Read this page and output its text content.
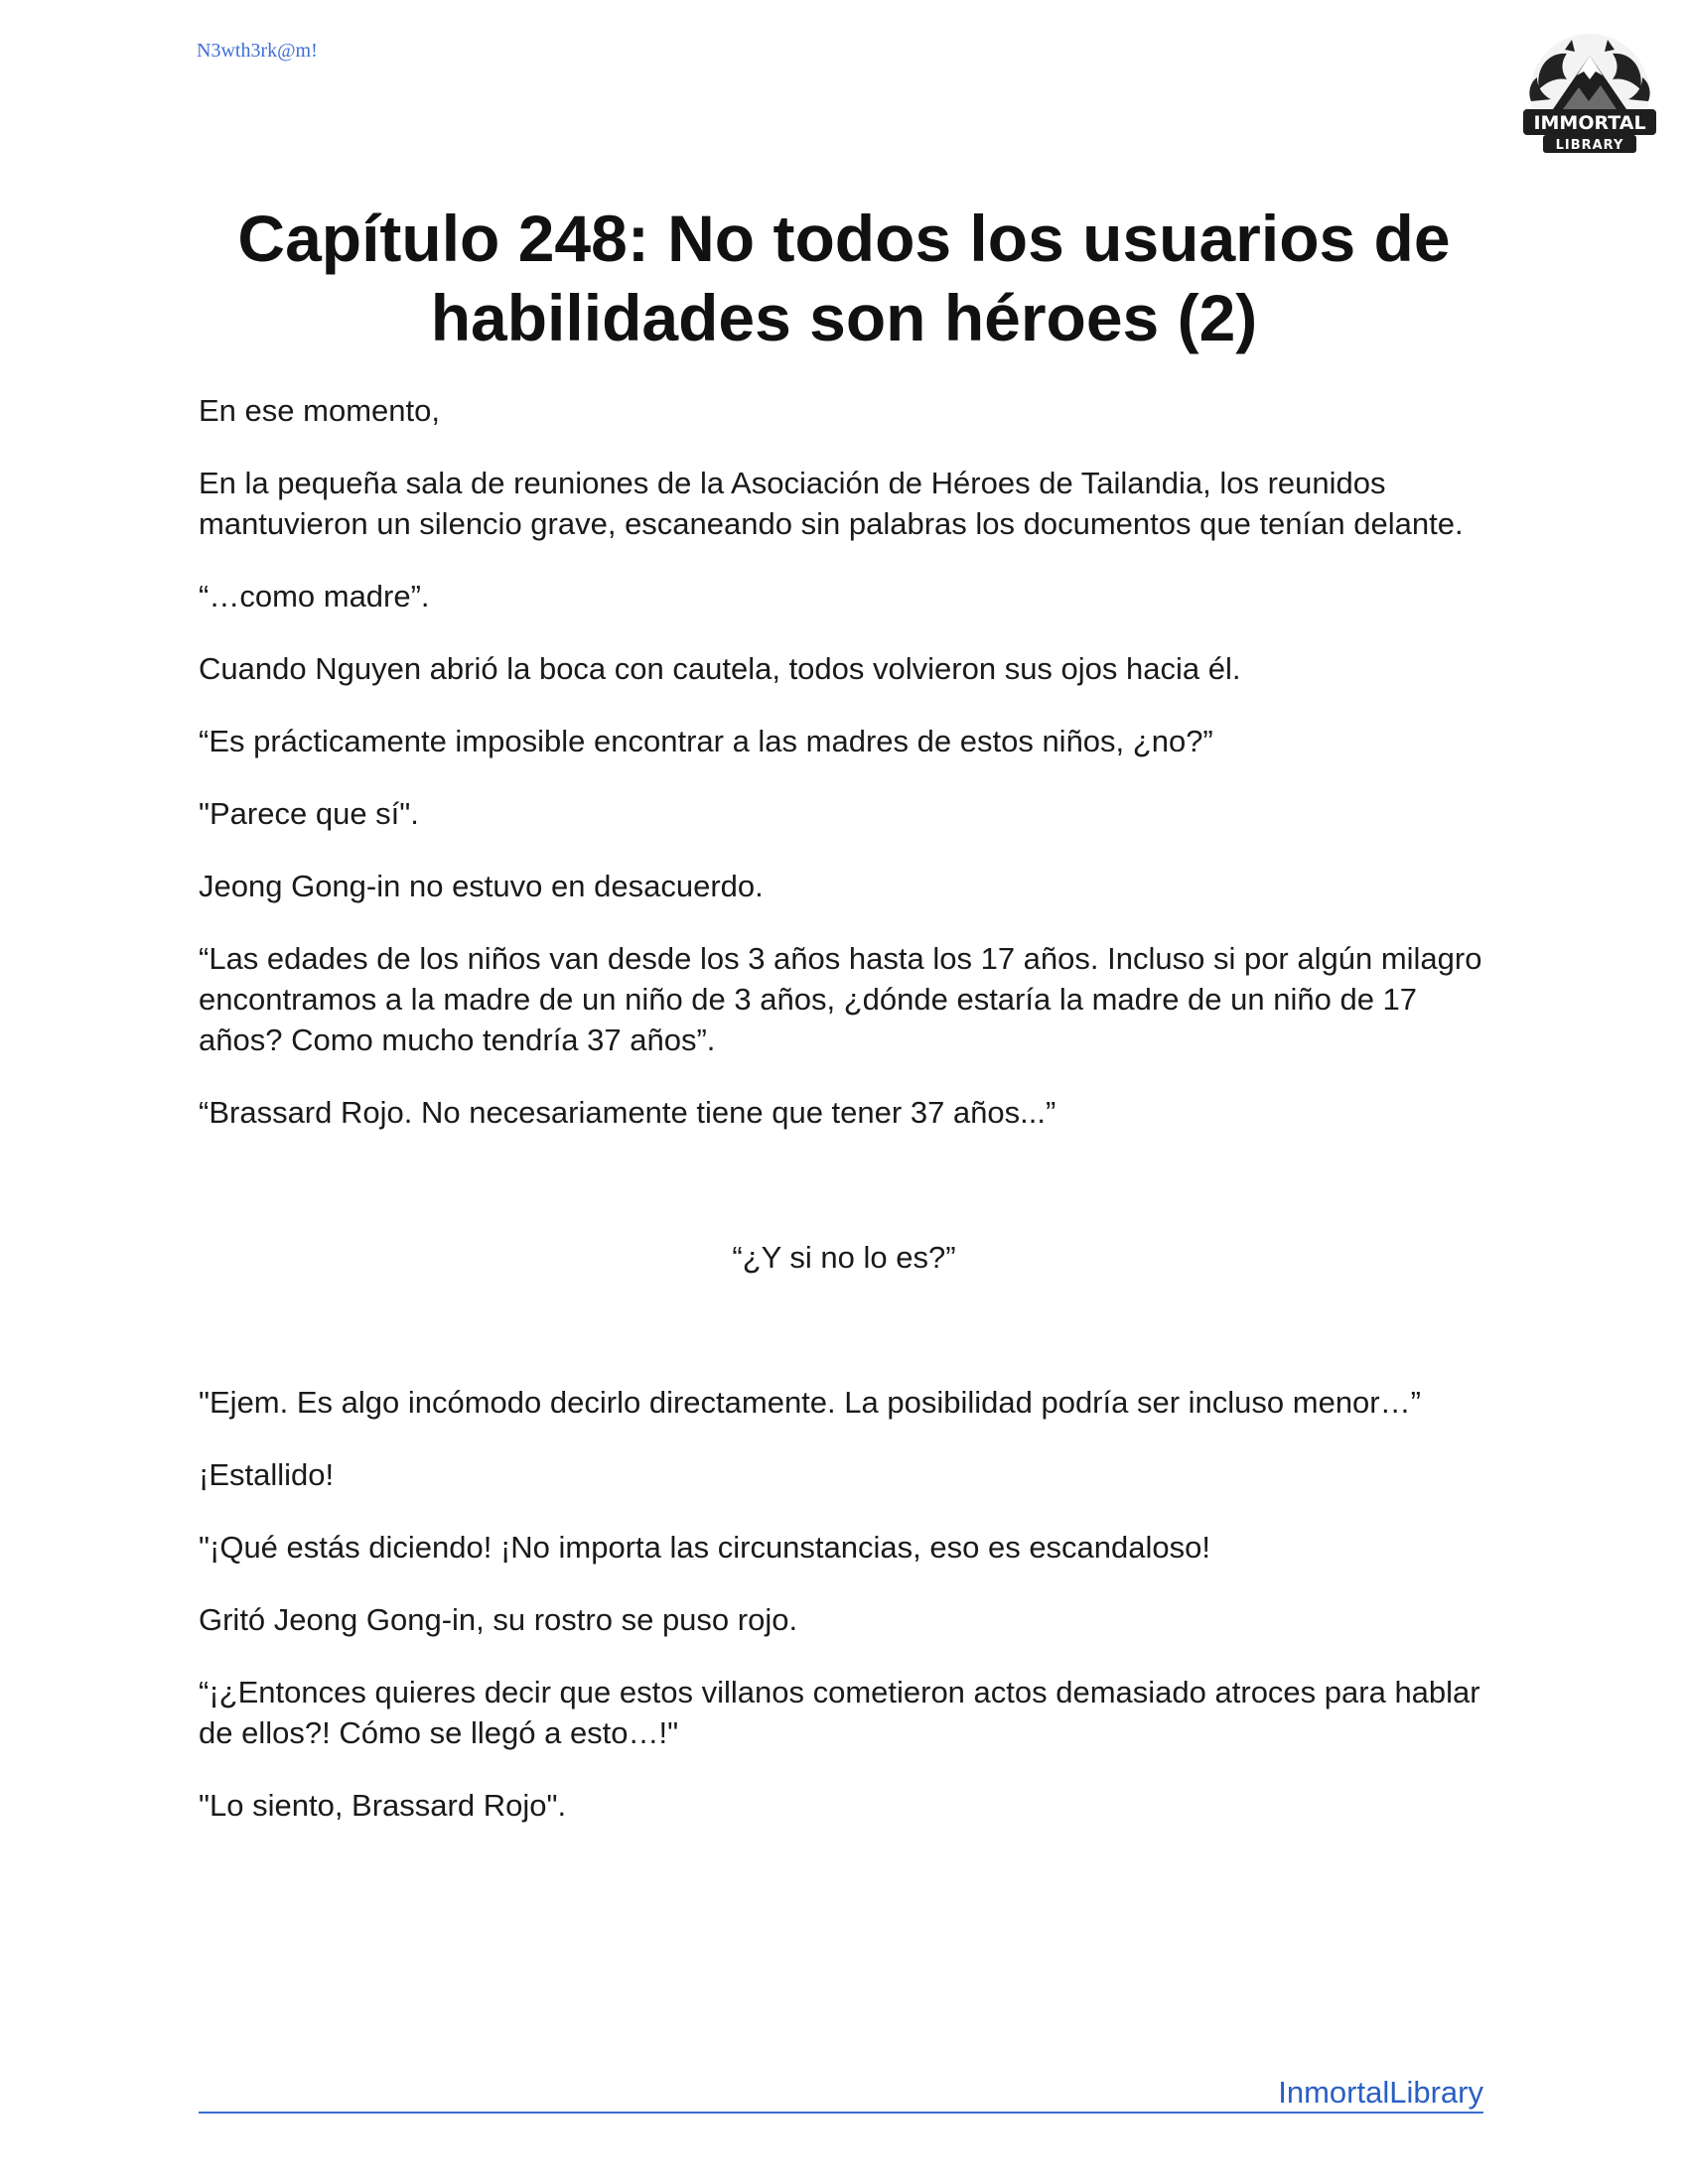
N3wth3rk@m!
IMMORTAL
LIBRARY
Capítulo 248: No todos los usuarios de
habilidades son héroes (2)

En ese momento,

En la pequeña sala de reuniones de la Asociación de Héroes de Tailandia, los reunidos mantuvieron un silencio grave, escaneando sin palabras los documentos que tenían delante.

“…como madre”.

Cuando Nguyen abrió la boca con cautela, todos volvieron sus ojos hacia él.

“Es prácticamente imposible encontrar a las madres de estos niños, ¿no?”

"Parece que sí".

Jeong Gong-in no estuvo en desacuerdo.

“Las edades de los niños van desde los 3 años hasta los 17 años. Incluso si por algún milagro encontramos a la madre de un niño de 3 años, ¿dónde estaría la madre de un niño de 17 años? Como mucho tendría 37 años”.

“Brassard Rojo. No necesariamente tiene que tener 37 años...”

“¿Y si no lo es?”

"Ejem. Es algo incómodo decirlo directamente. La posibilidad podría ser incluso menor…”

¡Estallido!

"¡Qué estás diciendo! ¡No importa las circunstancias, eso es escandaloso!

Gritó Jeong Gong-in, su rostro se puso rojo.

“¡¿Entonces quieres decir que estos villanos cometieron actos demasiado atroces para hablar de ellos?! Cómo se llegó a esto…!"

"Lo siento, Brassard Rojo".

InmortalLibrary
